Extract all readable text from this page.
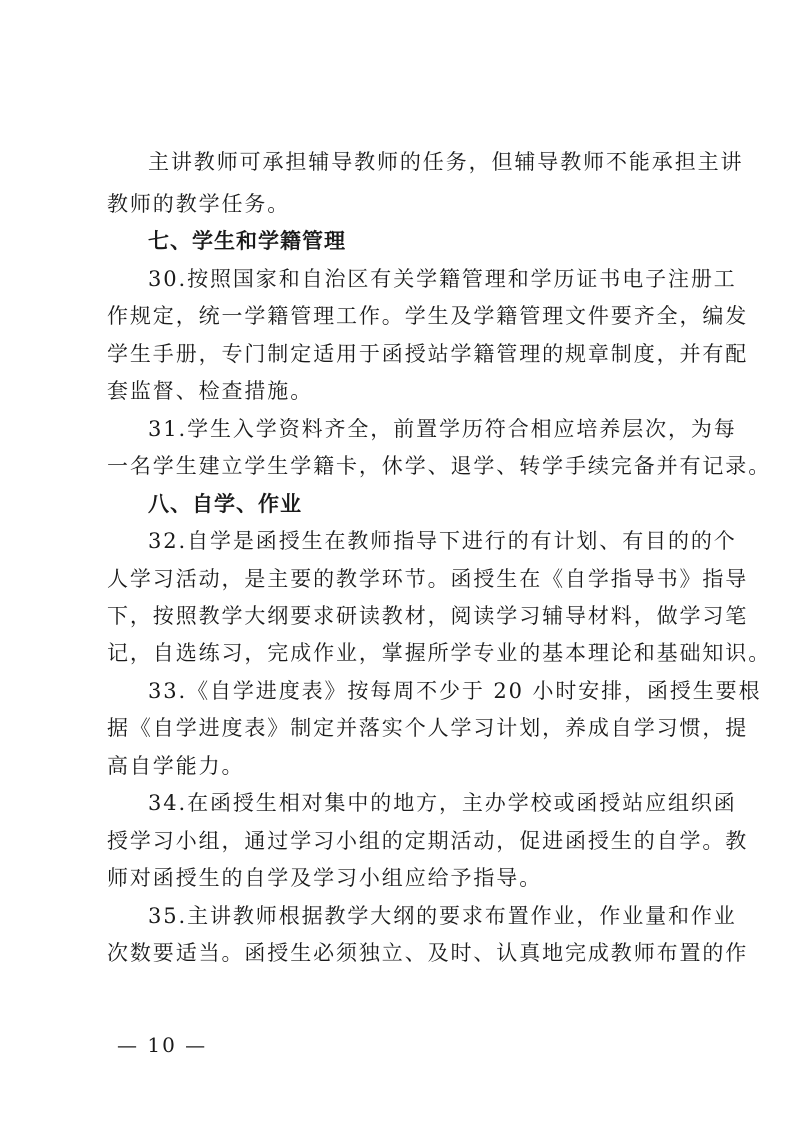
主讲教师可承担辅导教师的任务，但辅导教师不能承担主讲
教师的教学任务。
七、学生和学籍管理
30.按照国家和自治区有关学籍管理和学历证书电子注册工
作规定，统一学籍管理工作。学生及学籍管理文件要齐全，编发
学生手册，专门制定适用于函授站学籍管理的规章制度，并有配
套监督、检查措施。
31.学生入学资料齐全，前置学历符合相应培养层次，为每
一名学生建立学生学籍卡，休学、退学、转学手续完备并有记录。
八、自学、作业
32.自学是函授生在教师指导下进行的有计划、有目的的个
人学习活动，是主要的教学环节。函授生在《自学指导书》指导
下，按照教学大纲要求研读教材，阅读学习辅导材料，做学习笔
记，自选练习，完成作业，掌握所学专业的基本理论和基础知识。
33.《自学进度表》按每周不少于 20 小时安排，函授生要根
据《自学进度表》制定并落实个人学习计划，养成自学习惯，提
高自学能力。
34.在函授生相对集中的地方，主办学校或函授站应组织函
授学习小组，通过学习小组的定期活动，促进函授生的自学。教
师对函授生的自学及学习小组应给予指导。
35.主讲教师根据教学大纲的要求布置作业，作业量和作业
次数要适当。函授生必须独立、及时、认真地完成教师布置的作
— 10 —
